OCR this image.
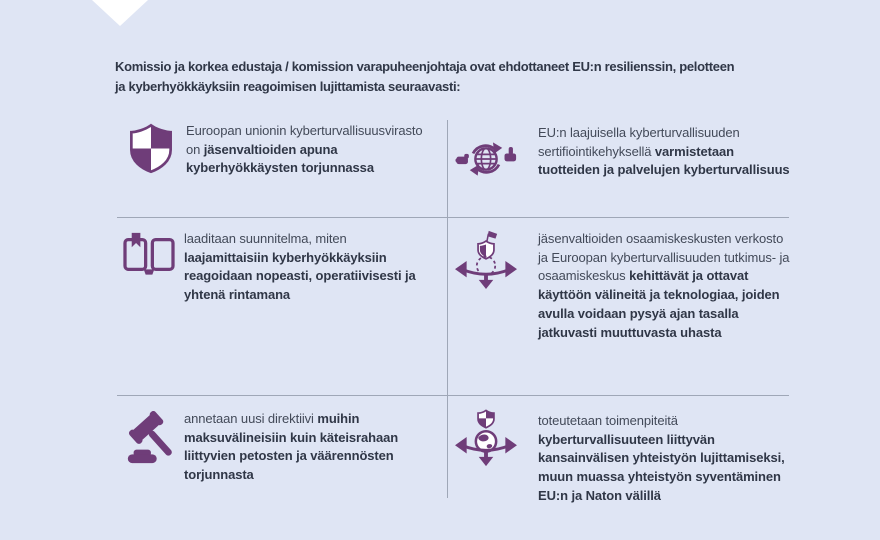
Komissio ja korkea edustaja / komission varapuheenjohtaja ovat ehdottaneet EU:n resilienssin, pelotteen
ja kyberhyökkäyksiin reagoimisen lujittamista seuraavasti:

Euroopan unionin kyberturvallisuusvirasto on jäsenvaltioiden apuna kyberhyökkäysten torjunnassa

EU:n laajuisella kyberturvallisuuden sertifiointikehyksellä varmistetaan tuotteiden ja palvelujen kyberturvallisuus

laaditaan suunnitelma, miten laajamittaisiin kyberhyökkäyksiin reagoidaan nopeasti, operatiivisesti ja yhtenä rintamana

jäsenvaltioiden osaamiskeskusten verkosto ja Euroopan kyberturvallisuuden tutkimus- ja osaamiskeskus kehittävät ja ottavat käyttöön välineitä ja teknologiaa, joiden avulla voidaan pysyä ajan tasalla jatkuvasti muuttuvasta uhasta

annetaan uusi direktiivi muihin maksuvälineisiin kuin käteisrahaan liittyvien petosten ja väärennösten torjunnasta

toteutetaan toimenpiteitä kyberturvallisuuteen liittyvän kansainvälisen yhteistyön lujittamiseksi, muun muassa yhteistyön syventäminen EU:n ja Naton välillä
